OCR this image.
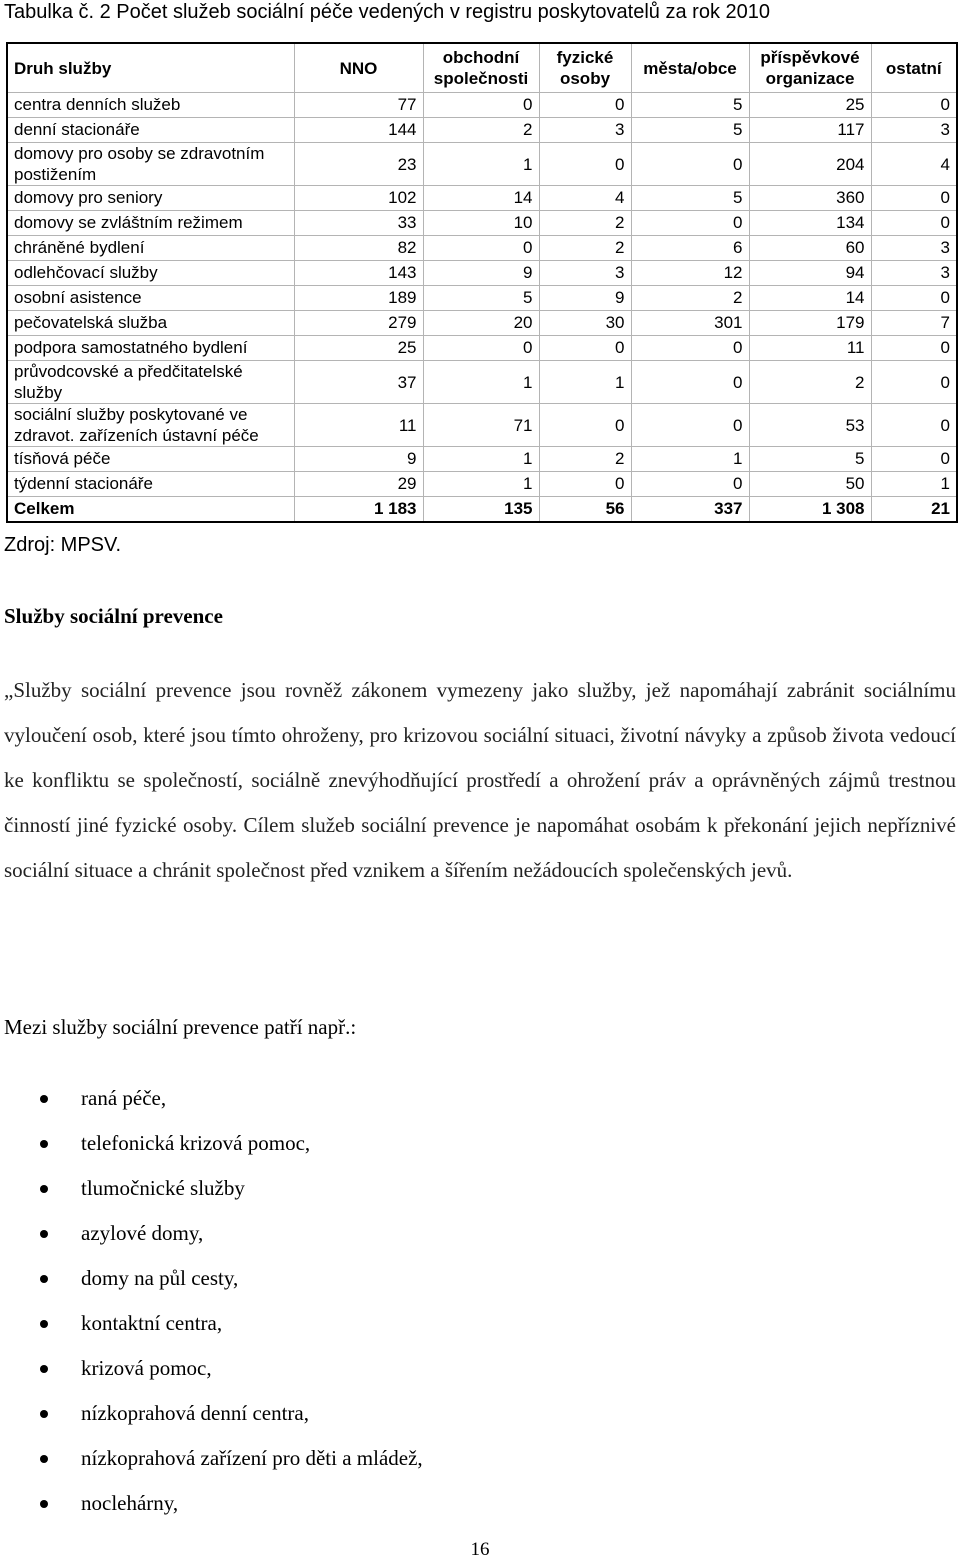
Tabulka č. 2 Počet služeb sociální péče vedených v registru poskytovatelů za rok 2010
Druh služby	NNO	obchodní společnosti	fyzické osoby	města/obce	příspěvkové organizace	ostatní
centra denních služeb	77	0	0	5	25	0
denní stacionáře	144	2	3	5	117	3
domovy pro osoby se zdravotním postižením	23	1	0	0	204	4
domovy pro seniory	102	14	4	5	360	0
domovy se zvláštním režimem	33	10	2	0	134	0
chráněné bydlení	82	0	2	6	60	3
odlehčovací služby	143	9	3	12	94	3
osobní asistence	189	5	9	2	14	0
pečovatelská služba	279	20	30	301	179	7
podpora samostatného bydlení	25	0	0	0	11	0
průvodcovské a předčitatelské služby	37	1	1	0	2	0
sociální služby poskytované ve zdravot. zařízeních ústavní péče	11	71	0	0	53	0
tísňová péče	9	1	2	1	5	0
týdenní stacionáře	29	1	0	0	50	1
Celkem	1 183	135	56	337	1 308	21
Zdroj: MPSV.
Služby sociální prevence
„Služby sociální prevence jsou rovněž zákonem vymezeny jako služby, jež napomáhají zabránit sociálnímu vyloučení osob, které jsou tímto ohroženy, pro krizovou sociální situaci, životní návyky a způsob života vedoucí ke konfliktu se společností, sociálně znevýhodňující prostředí a ohrožení práv a oprávněných zájmů trestnou činností jiné fyzické osoby. Cílem služeb sociální prevence je napomáhat osobám k překonání jejich nepříznivé sociální situace a chránit společnost před vznikem a šířením nežádoucích společenských jevů.
Mezi služby sociální prevence patří např.:
raná péče,
telefonická krizová pomoc,
tlumočnické služby
azylové domy,
domy na půl cesty,
kontaktní centra,
krizová pomoc,
nízkoprahová denní centra,
nízkoprahová zařízení pro děti a mládež,
noclehárny,
16
